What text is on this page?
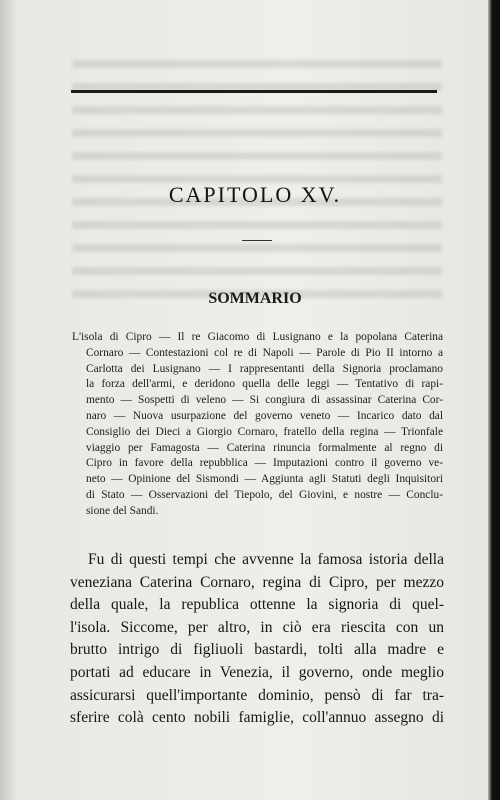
CAPITOLO XV.
SOMMARIO
L'isola di Cipro — Il re Giacomo di Lusignano e la popolana Caterina
Cornaro — Contestazioni col re di Napoli — Parole di Pio II intorno a
Carlotta dei Lusignano — I rappresentanti della Signoria proclamano
la forza dell'armi, e deridono quella delle leggi — Tentativo di rapi-
mento — Sospetti di veleno — Si congiura di assassinar Caterina Cor-
naro — Nuova usurpazione del governo veneto — Incarico dato dal
Consiglio dei Dieci a Giorgio Cornaro, fratello della regina — Trionfale
viaggio per Famagosta — Caterina rinuncia formalmente al regno di
Cipro in favore della repubblica — Imputazioni contro il governo ve-
neto — Opinione del Sismondi — Aggiunta agli Statuti degli Inquisitori
di Stato — Osservazioni del Tiepolo, del Giovini, e nostre — Conclu-
sione del Sandi.
Fu di questi tempi che avvenne la famosa istoria della
veneziana Caterina Cornaro, regina di Cipro, per mezzo
della quale, la republica ottenne la signoria di quel-
l'isola. Siccome, per altro, in ciò era riescita con un
brutto intrigo di figliuoli bastardi, tolti alla madre e
portati ad educare in Venezia, il governo, onde meglio
assicurarsi quell'importante dominio, pensò di far tra-
sferire colà cento nobili famiglie, coll'annuo assegno di
